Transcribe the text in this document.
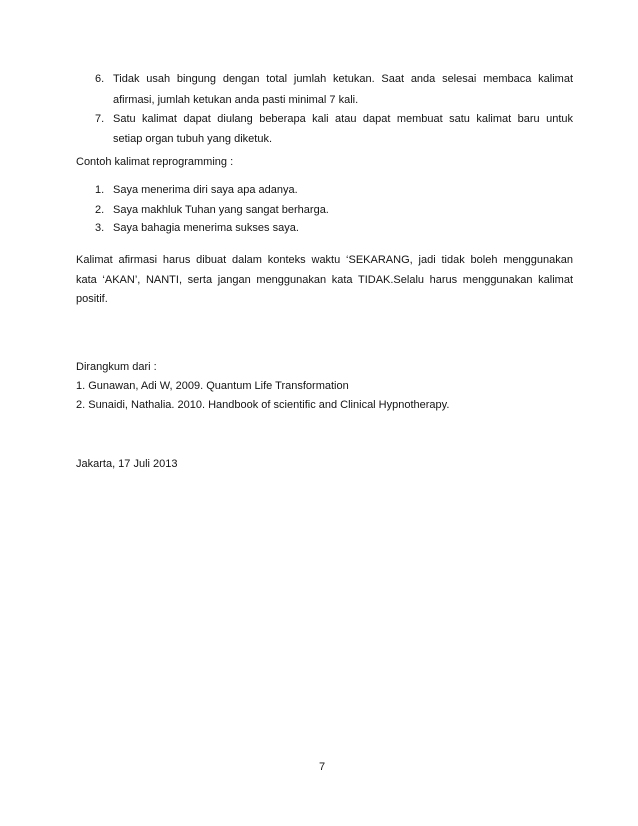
6. Tidak usah bingung dengan total jumlah ketukan. Saat anda selesai membaca kalimat
afirmasi, jumlah ketukan anda pasti minimal 7 kali.
7. Satu kalimat dapat diulang beberapa kali atau dapat membuat satu kalimat baru untuk
setiap organ tubuh yang diketuk.
Contoh kalimat reprogramming :
1. Saya menerima diri saya apa adanya.
2. Saya makhluk Tuhan yang sangat berharga.
3. Saya bahagia menerima sukses saya.
Kalimat afirmasi harus dibuat dalam konteks waktu ‘SEKARANG, jadi tidak boleh menggunakan
kata ‘AKAN’, NANTI, serta jangan menggunakan kata TIDAK.Selalu harus menggunakan kalimat
positif.
Dirangkum dari :
1. Gunawan, Adi W, 2009. Quantum Life Transformation
2. Sunaidi, Nathalia. 2010. Handbook of scientific and Clinical Hypnotherapy.
Jakarta, 17 Juli 2013
7
